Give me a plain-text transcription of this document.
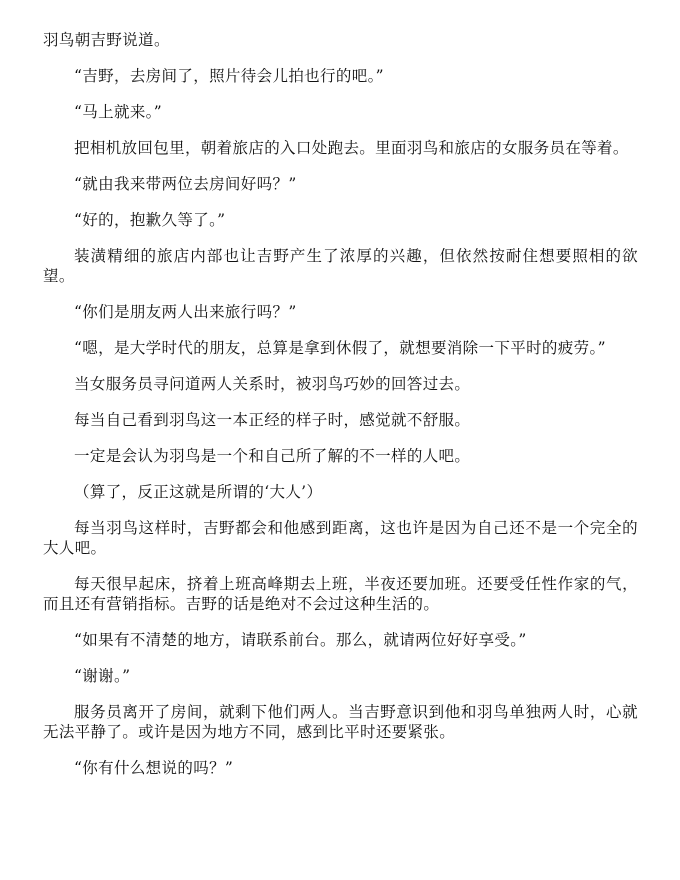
羽鸟朝吉野说道。

“吉野，去房间了，照片待会儿拍也行的吧。”

“马上就来。”

把相机放回包里，朝着旅店的入口处跑去。里面羽鸟和旅店的女服务员在等着。

“就由我来带两位去房间好吗？”

“好的，抱歉久等了。”

装潢精细的旅店内部也让吉野产生了浓厚的兴趣，但依然按耐住想要照相的欲望。

“你们是朋友两人出来旅行吗？”

“嗯，是大学时代的朋友，总算是拿到休假了，就想要消除一下平时的疲劳。”

当女服务员寻问道两人关系时，被羽鸟巧妙的回答过去。

每当自己看到羽鸟这一本正经的样子时，感觉就不舒服。

一定是会认为羽鸟是一个和自己所了解的不一样的人吧。

（算了，反正这就是所谓的‘大人’）

每当羽鸟这样时，吉野都会和他感到距离，这也许是因为自己还不是一个完全的大人吧。

每天很早起床，挤着上班高峰期去上班，半夜还要加班。还要受任性作家的气，而且还有营销指标。吉野的话是绝对不会过这种生活的。

“如果有不清楚的地方，请联系前台。那么，就请两位好好享受。”

“谢谢。”

服务员离开了房间，就剩下他们两人。当吉野意识到他和羽鸟单独两人时，心就无法平静了。或许是因为地方不同，感到比平时还要紧张。

“你有什么想说的吗？”
